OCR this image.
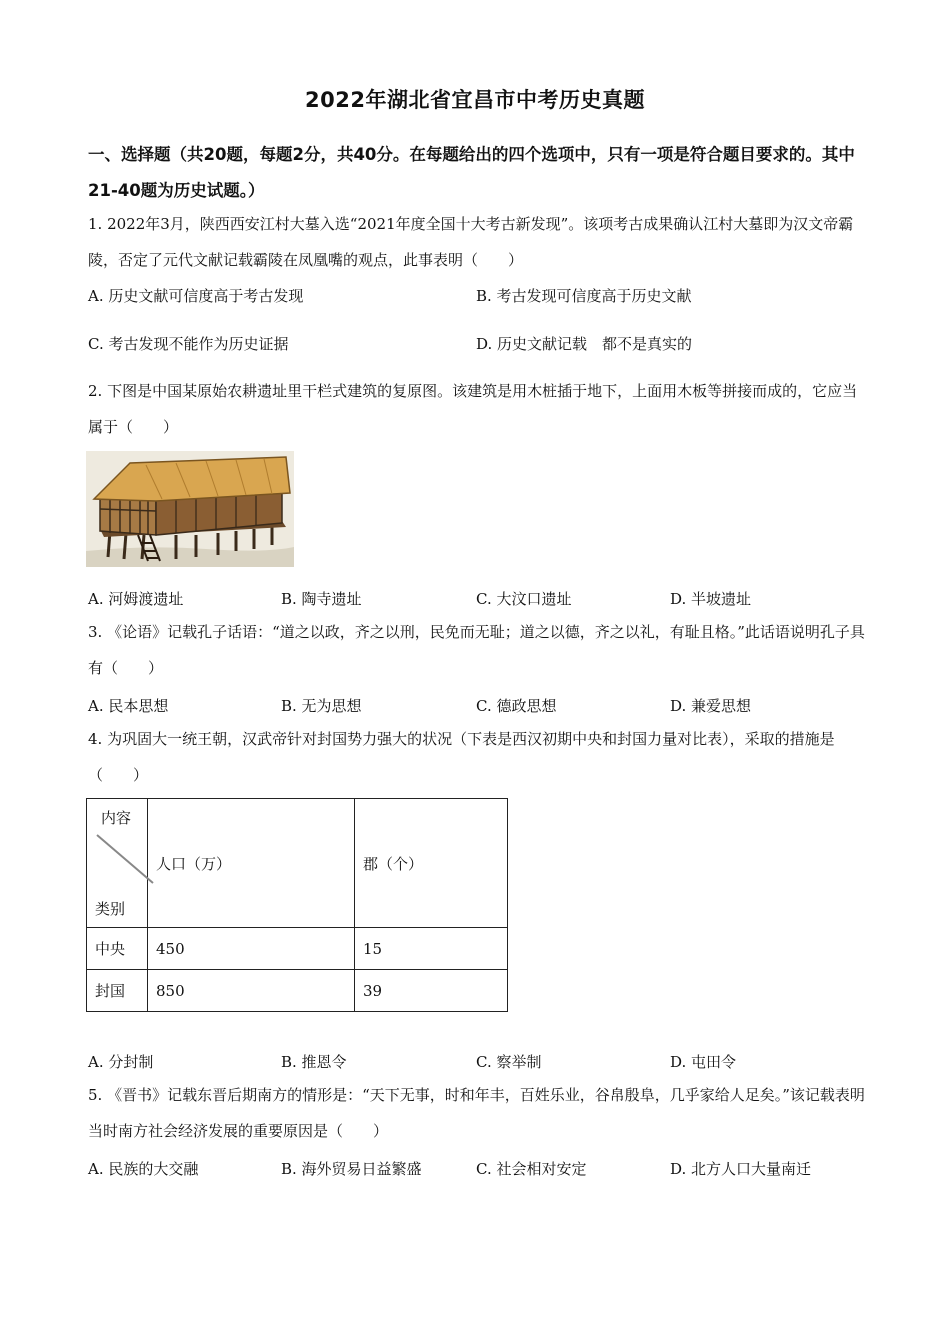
2022年湖北省宜昌市中考历史真题
一、选择题（共20题，每题2分，共40分。在每题给出的四个选项中，只有一项是符合题目要求的。其中21-40题为历史试题。）
1. 2022年3月，陕西西安江村大墓入选“2021年度全国十大考古新发现”。该项考古成果确认江村大墓即为汉文帝霸陵，否定了元代文献记载霸陵在凤凰嘴的观点，此事表明（　　）
A. 历史文献可信度高于考古发现	B. 考古发现可信度高于历史文献
C. 考古发现不能作为历史证据	D. 历史文献记载　都不是真实的
2. 下图是中国某原始农耕遗址里干栏式建筑的复原图。该建筑是用木桩插于地下，上面用木板等拼接而成的，它应当属于（　　）
A. 河姆渡遗址	B. 陶寺遗址	C. 大汶口遗址	D. 半坡遗址
3. 《论语》记载孔子话语：“道之以政，齐之以刑，民免而无耻；道之以德，齐之以礼，有耻且格。”此话语说明孔子具有（　　）
A. 民本思想	B. 无为思想	C. 德政思想	D. 兼爱思想
4. 为巩固大一统王朝，汉武帝针对封国势力强大的状况（下表是西汉初期中央和封国力量对比表），采取的措施是（　　）
内容
类别	人口（万）	郡（个）
中央	450	15
封国	850	39
A. 分封制	B. 推恩令	C. 察举制	D. 屯田令
5. 《晋书》记载东晋后期南方的情形是：“天下无事，时和年丰，百姓乐业，谷帛殷阜，几乎家给人足矣。”该记载表明当时南方社会经济发展的重要原因是（　　）
A. 民族的大交融	B. 海外贸易日益繁盛	C. 社会相对安定	D. 北方人口大量南迁
